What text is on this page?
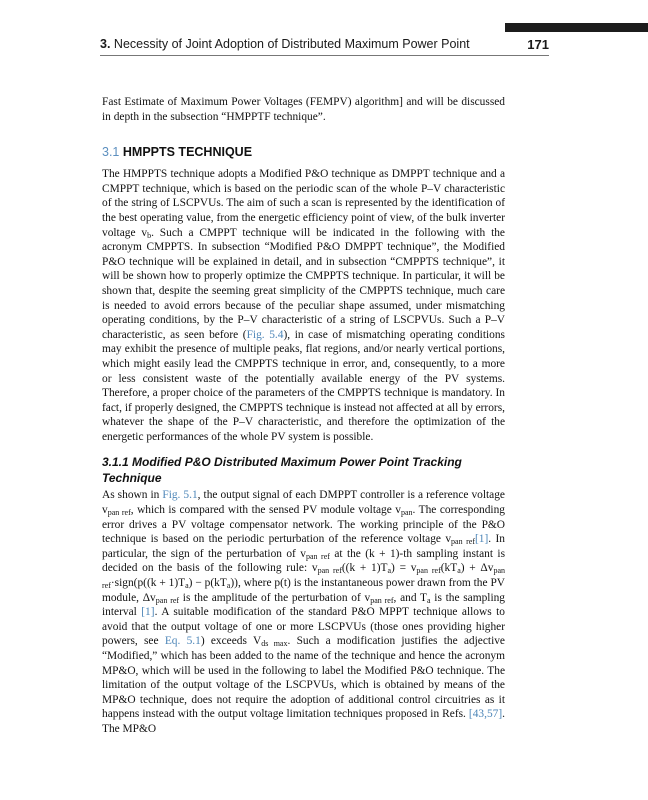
3. Necessity of Joint Adoption of Distributed Maximum Power Point	171

Fast Estimate of Maximum Power Voltages (FEMPV) algorithm] and will be discussed in depth in the subsection “HMPPTF technique”.

3.1 HMPPTS TECHNIQUE

The HMPPTS technique adopts a Modified P&O technique as DMPPT technique and a CMPPT technique, which is based on the periodic scan of the whole P–V characteristic of the string of LSCPVUs. The aim of such a scan is represented by the identification of the best operating value, from the energetic efficiency point of view, of the bulk inverter voltage $v_b$. Such a CMPPT technique will be indicated in the following with the acronym CMPPTS. In subsection “Modified P&O DMPPT technique”, the Modified P&O technique will be explained in detail, and in subsection “CMPPTS technique”, it will be shown how to properly optimize the CMPPTS technique. In particular, it will be shown that, despite the seeming great simplicity of the CMPPTS technique, much care is needed to avoid errors because of the peculiar shape assumed, under mismatching operating conditions, by the P–V characteristic of a string of LSCPVUs. Such a P–V characteristic, as seen before (Fig. 5.4), in case of mismatching operating conditions may exhibit the presence of multiple peaks, flat regions, and/or nearly vertical portions, which might easily lead the CMPPTS technique in error, and, consequently, to a more or less consistent waste of the potentially available energy of the PV systems. Therefore, a proper choice of the parameters of the CMPPTS technique is mandatory. In fact, if properly designed, the CMPPTS technique is instead not affected at all by errors, whatever the shape of the P–V characteristic, and therefore the optimization of the energetic performances of the whole PV system is possible.

3.1.1 Modified P&O Distributed Maximum Power Point Tracking Technique

As shown in Fig. 5.1, the output signal of each DMPPT controller is a reference voltage $v_{pan ref}$, which is compared with the sensed PV module voltage $v_{pan}$. The corresponding error drives a PV voltage compensator network. The working principle of the P&O technique is based on the periodic perturbation of the reference voltage $v_{pan ref}[1]$. In particular, the sign of the perturbation of $v_{pan ref}$ at the (k + 1)-th sampling instant is decided on the basis of the following rule: $v_{pan ref}((k + 1)T_a) = v_{pan ref}(kT_a)$ + $\Delta v_{pan ref}\cdot sign(p((k + 1)T_a) - p(kT_a))$, where p(t) is the instantaneous power drawn from the PV module, $\Delta v_{pan ref}$ is the amplitude of the perturbation of $v_{pan ref}$, and $T_a$ is the sampling interval [1]. A suitable modification of the standard P&O MPPT technique allows to avoid that the output voltage of one or more LSCPVUs (those ones providing higher powers, see Eq. 5.1) exceeds $V_{ds max}$. Such a modification justifies the adjective “Modified,” which has been added to the name of the technique and hence the acronym MP&O, which will be used in the following to label the Modified P&O technique. The limitation of the output voltage of the LSCPVUs, which is obtained by means of the MP&O technique, does not require the adoption of additional control circuitries as it happens instead with the output voltage limitation techniques proposed in Refs. [43,57]. The MP&O
